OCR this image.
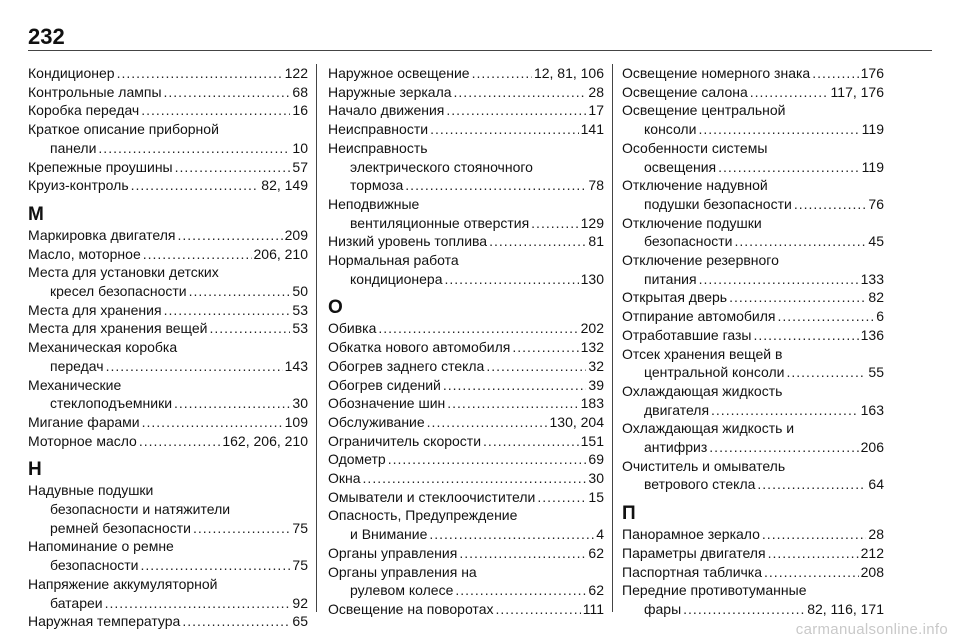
232
Кондиционер .....	122
Контрольные лампы .....	68
Коробка передач .....	16
Краткое описание приборной
панели .....	10
Крепежные проушины .....	57
Круиз-контроль .....	82, 149
М
Маркировка двигателя .....	209
Масло, моторное .....	206, 210
Места для установки детских
кресел безопасности .....	50
Места для хранения .....	53
Места для хранения вещей .....	53
Механическая коробка
передач .....	143
Механические
стеклоподъемники .....	30
Мигание фарами .....	109
Моторное масло .....	162, 206, 210
Н
Надувные подушки
безопасности и натяжители
ремней безопасности .....	75
Напоминание о ремне
безопасности .....	75
Напряжение аккумуляторной
батареи .....	92
Наружная температура .....	65
Наружное освещение .....	12, 81, 106
Наружные зеркала .....	28
Начало движения .....	17
Неисправности .....	141
Неисправность
электрического стояночного
тормоза .....	78
Неподвижные
вентиляционные отверстия .....	129
Низкий уровень топлива .....	81
Нормальная работа
кондиционера .....	130
О
Обивка .....	202
Обкатка нового автомобиля .....	132
Обогрев заднего стекла .....	32
Обогрев сидений .....	39
Обозначение шин .....	183
Обслуживание .....	130, 204
Ограничитель скорости .....	151
Одометр .....	69
Окна .....	30
Омыватели и стеклоочистители .....	15
Опасность, Предупреждение
и Внимание .....	4
Органы управления .....	62
Органы управления на
рулевом колесе .....	62
Освещение на поворотах .....	111
Освещение номерного знака .....	176
Освещение салона .....	117, 176
Освещение центральной
консоли .....	119
Особенности системы
освещения .....	119
Отключение надувной
подушки безопасности .....	76
Отключение подушки
безопасности .....	45
Отключение резервного
питания .....	133
Открытая дверь .....	82
Отпирание автомобиля .....	6
Отработавшие газы .....	136
Отсек хранения вещей в
центральной консоли .....	55
Охлаждающая жидкость
двигателя .....	163
Охлаждающая жидкость и
антифриз .....	206
Очиститель и омыватель
ветрового стекла .....	64
П
Панорамное зеркало .....	28
Параметры двигателя .....	212
Паспортная табличка .....	208
Передние противотуманные
фары .....	82, 116, 171
carmanualsonline.info
